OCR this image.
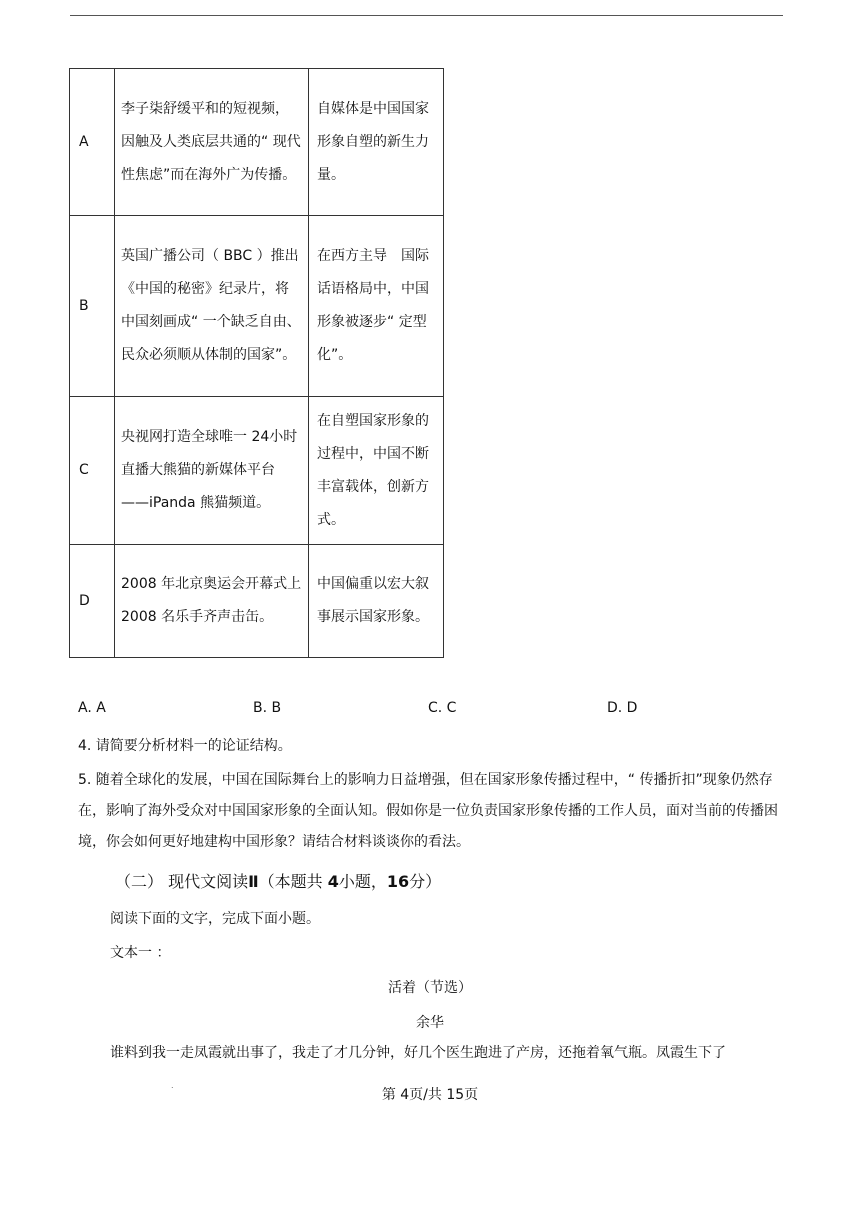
A	李子柒舒缓平和的短视频，因触及人类底层共通的“ 现代性焦虑”而在海外广为传播。	自媒体是中国国家形象自塑的新生力量。
B	英国广播公司（ BBC ）推出《中国的秘密》纪录片，将中国刻画成“ 一个缺乏自由、民众必须顺从体制的国家”。	在西方主导　国际话语格局中，中国形象被逐步“ 定型化”。
C	央视网打造全球唯一 24小时直播大熊猫的新媒体平台——iPanda 熊猫频道。	在自塑国家形象的过程中，中国不断丰富载体，创新方式。
D	2008 年北京奥运会开幕式上 2008 名乐手齐声击缶。	中国偏重以宏大叙事展示国家形象。
A. A	B. B	C. C	D. D

4. 请简要分析材料一的论证结构。

5. 随着全球化的发展，中国在国际舞台上的影响力日益增强，但在国家形象传播过程中，“ 传播折扣”现象仍然存在，影响了海外受众对中国国家形象的全面认知。假如你是一位负责国家形象传播的工作人员，面对当前的传播困境，你会如何更好地建构中国形象？请结合材料谈谈你的看法。

（二） 现代文阅读Ⅱ（本题共 4小题，16分）

阅读下面的文字，完成下面小题。

文本一 ：

活着（节选）

余华

谁料到我一走凤霞就出事了，我走了才几分钟，好几个医生跑进了产房，还拖着氧气瓶。凤霞生下了

.
第 4页/共 15页
